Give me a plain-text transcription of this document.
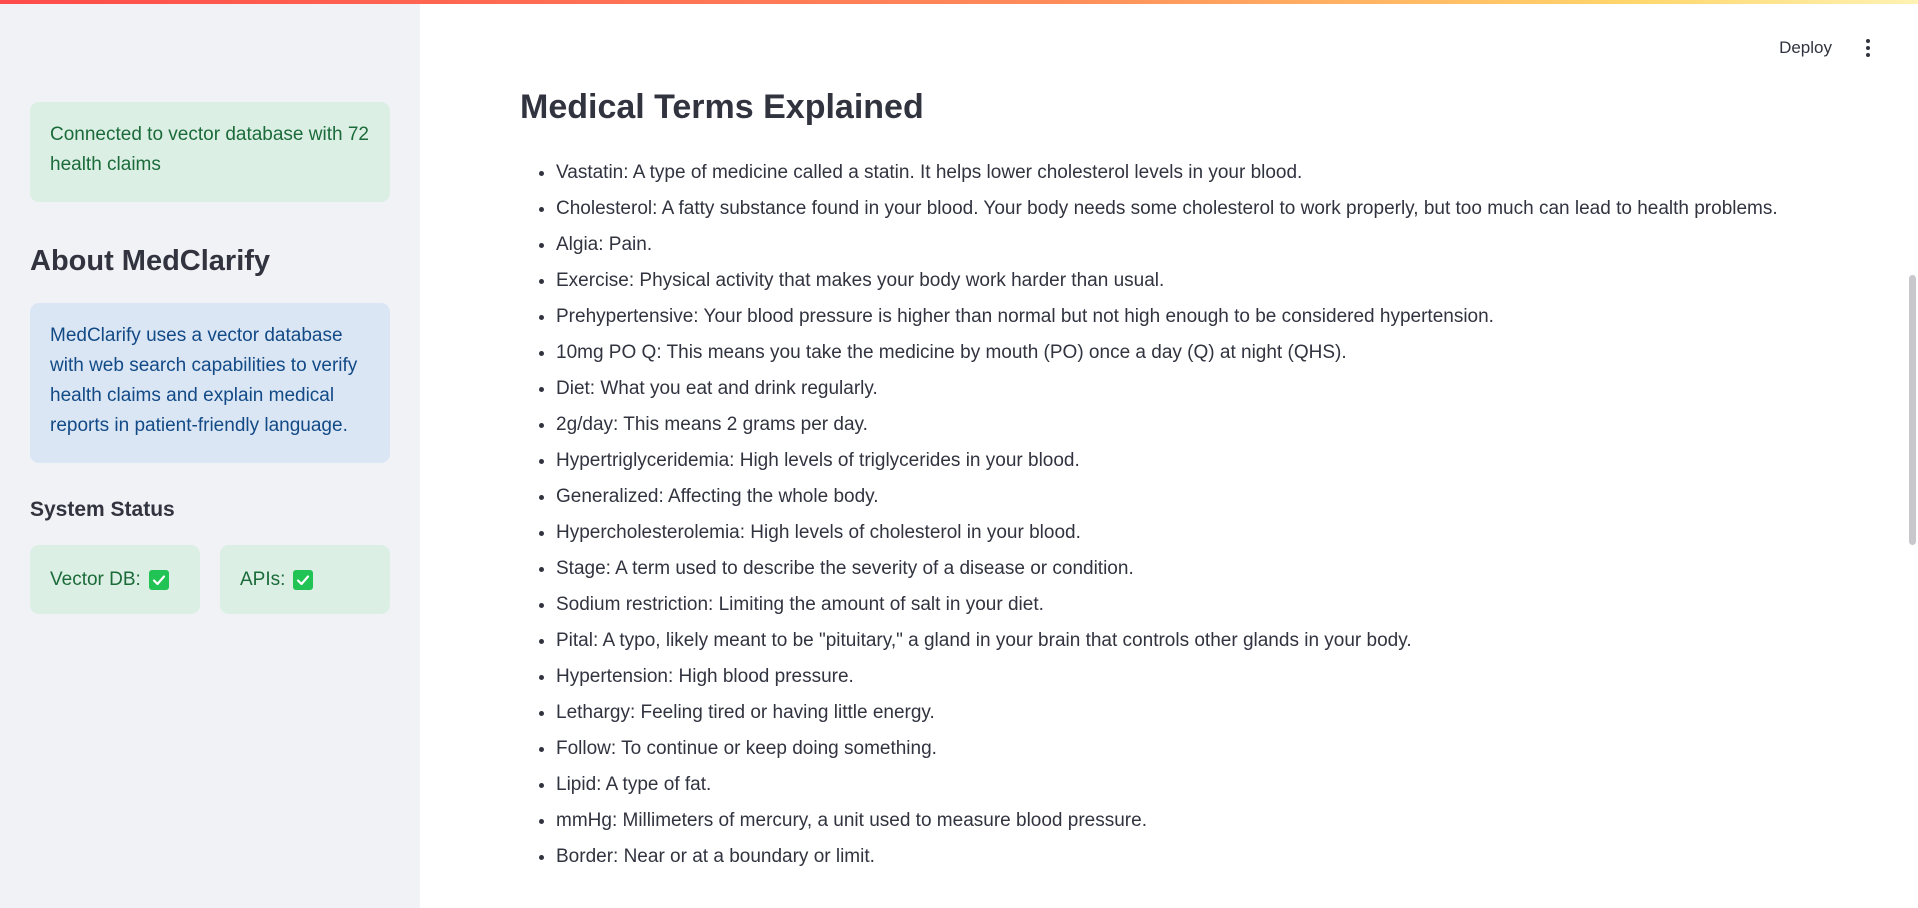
Connected to vector database with 72 health claims
About MedClarify
MedClarify uses a vector database with web search capabilities to verify health claims and explain medical reports in patient-friendly language.
System Status
Vector DB:	APIs:
Deploy
Medical Terms Explained
• Vastatin: A type of medicine called a statin. It helps lower cholesterol levels in your blood.
• Cholesterol: A fatty substance found in your blood. Your body needs some cholesterol to work properly, but too much can lead to health problems.
• Algia: Pain.
• Exercise: Physical activity that makes your body work harder than usual.
• Prehypertensive: Your blood pressure is higher than normal but not high enough to be considered hypertension.
• 10mg PO Q: This means you take the medicine by mouth (PO) once a day (Q) at night (QHS).
• Diet: What you eat and drink regularly.
• 2g/day: This means 2 grams per day.
• Hypertriglyceridemia: High levels of triglycerides in your blood.
• Generalized: Affecting the whole body.
• Hypercholesterolemia: High levels of cholesterol in your blood.
• Stage: A term used to describe the severity of a disease or condition.
• Sodium restriction: Limiting the amount of salt in your diet.
• Pital: A typo, likely meant to be "pituitary," a gland in your brain that controls other glands in your body.
• Hypertension: High blood pressure.
• Lethargy: Feeling tired or having little energy.
• Follow: To continue or keep doing something.
• Lipid: A type of fat.
• mmHg: Millimeters of mercury, a unit used to measure blood pressure.
• Border: Near or at a boundary or limit.
